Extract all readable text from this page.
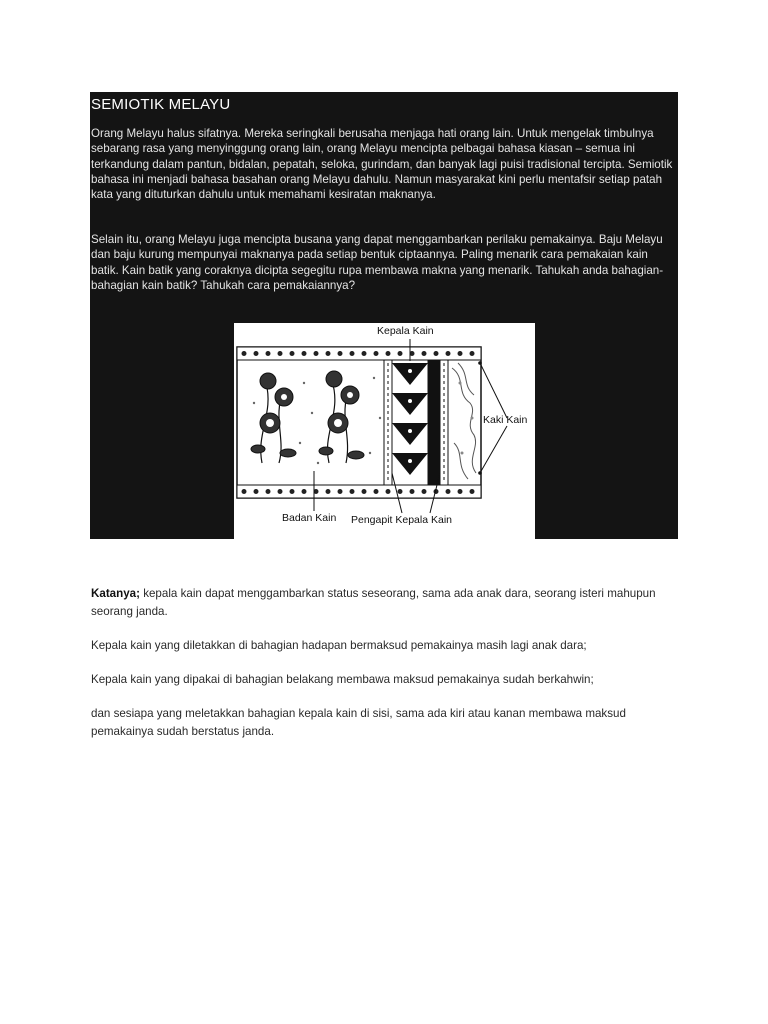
SEMIOTIK MELAYU

Orang Melayu halus sifatnya. Mereka seringkali berusaha menjaga hati orang lain. Untuk mengelak timbulnya sebarang rasa yang menyinggung orang lain, orang Melayu mencipta pelbagai bahasa kiasan – semua ini terkandung dalam pantun, bidalan, pepatah, seloka, gurindam, dan banyak lagi puisi tradisional tercipta. Semiotik bahasa ini menjadi bahasa basahan orang Melayu dahulu. Namun masyarakat kini perlu mentafsir setiap patah kata yang dituturkan dahulu untuk memahami kesiratan maknanya.

Selain itu, orang Melayu juga mencipta busana yang dapat menggambarkan perilaku pemakainya. Baju Melayu dan baju kurung mempunyai maknanya pada setiap bentuk ciptaannya. Paling menarik cara pemakaian kain batik. Kain batik yang coraknya dicipta segegitu rupa membawa makna yang menarik. Tahukah anda bahagian-bahagian kain batik? Tahukah cara pemakaiannya?

Kepala Kain
Kaki Kain
Badan Kain Pengapit Kepala Kain

Katanya; kepala kain dapat menggambarkan status seseorang, sama ada anak dara, seorang isteri mahupun seorang janda.

Kepala kain yang diletakkan di bahagian hadapan bermaksud pemakainya masih lagi anak dara;

Kepala kain yang dipakai di bahagian belakang membawa maksud pemakainya sudah berkahwin;

dan sesiapa yang meletakkan bahagian kepala kain di sisi, sama ada kiri atau kanan membawa maksud pemakainya sudah berstatus janda.
